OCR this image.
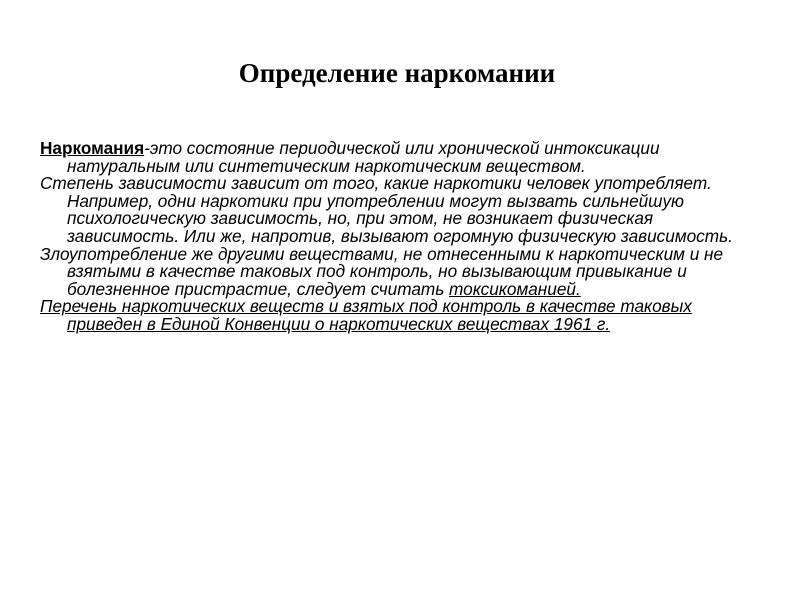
Определение наркомании

Наркомания-это состояние периодической или хронической интоксикации натуральным или синтетическим наркотическим веществом.

Степень зависимости зависит от того, какие наркотики человек употребляет. Например, одни наркотики при употреблении могут вызвать сильнейшую психологическую зависимость, но, при этом, не возникает физическая зависимость. Или же, напротив, вызывают огромную физическую зависимость.

Злоупотребление же другими веществами, не отнесенными к наркотическим и не взятыми в качестве таковых под контроль, но вызывающим привыкание и болезненное пристрастие, следует считать токсикоманией.

Перечень наркотических веществ и взятых под контроль в качестве таковых приведен в Единой Конвенции о наркотических веществах 1961 г.
